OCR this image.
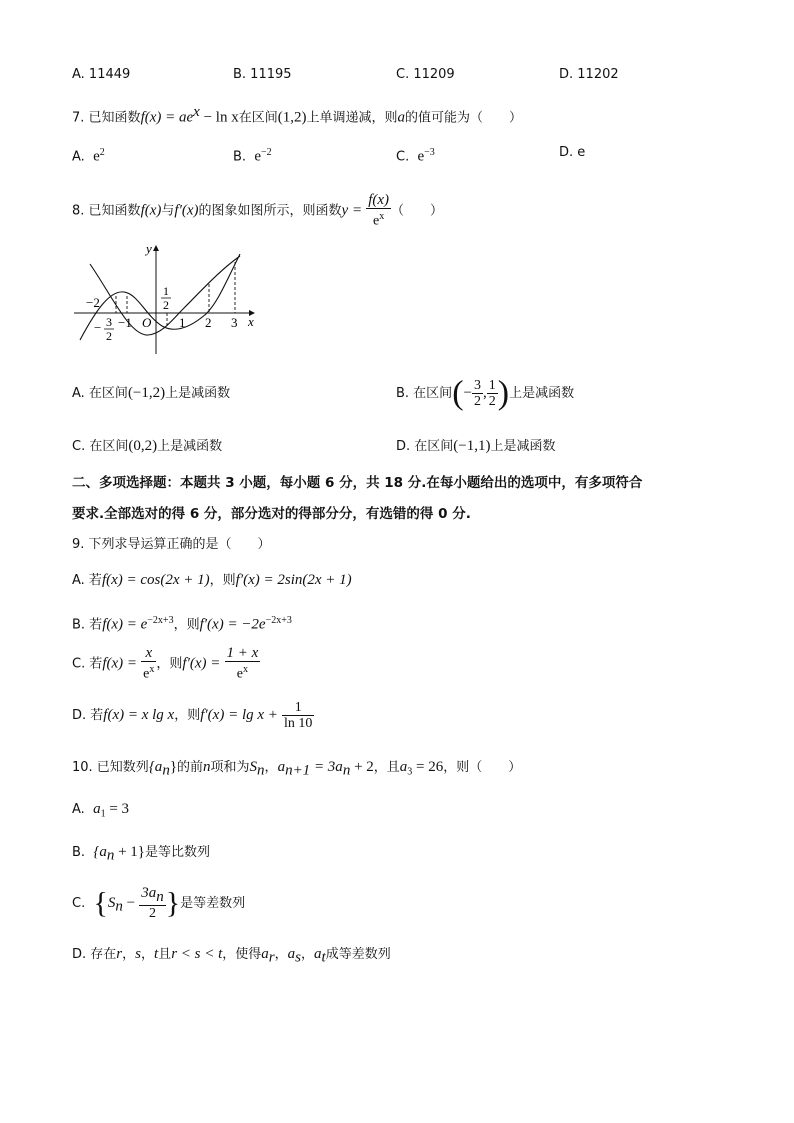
A. 11449	B. 11195	C. 11209	D. 11202
7. 已知函数$f(x) = ae^x - \ln x$在区间(1,2)上单调递减，则a的值可能为（　　）
A. $e^2$	B. $e^{-2}$	C. $e^{-3}$	D. e
8. 已知函数f(x)与f′(x)的图象如图所示，则函数$y = \frac{f(x)}{e^x}$ （　　）
y
x
O
−2
− 3
2
−1
1
2
1 2 3
A. 在区间(−1,2)上是减函数	B. 在区间(− $\frac{3}{2}$ , $\frac{1}{2}$ )上是减函数
C. 在区间(0,2)上是减函数	D. 在区间(−1,1)上是减函数
二、多项选择题：本题共 3 小题，每小题 6 分，共 18 分.在每小题给出的选项中，有多项符合
要求.全部选对的得 6 分，部分选对的得部分分，有选错的得 0 分.
9. 下列求导运算正确的是（　　）
A. 若f(x) = cos(2x + 1)，则f′(x) = 2sin(2x + 1)
B. 若$f(x) = e^{-2x+3}$，则$f'(x) = -2e^{-2x+3}$
C. 若$f(x) = \frac{x}{e^x}$ ，则$f'(x) = \frac{1 + x}{e^x}$
D. 若f(x) = x lg x，则$f'(x) = \lg x + \frac{1}{\ln 10}$
10. 已知数列$\{a_n\}$的前n项和为$S_n$，$a_{n+1} = 3a_n + 2$，且$a_3 = 26$，则（　　）
A. $a_1 = 3$
B. $\{a_n + 1\}$是等比数列
C. {$S_n - \frac{3a_n}{2}$ }是等差数列
D. 存在r，s，t且r < s < t，使得$a_r$，$a_s$，$a_t$成等差数列
